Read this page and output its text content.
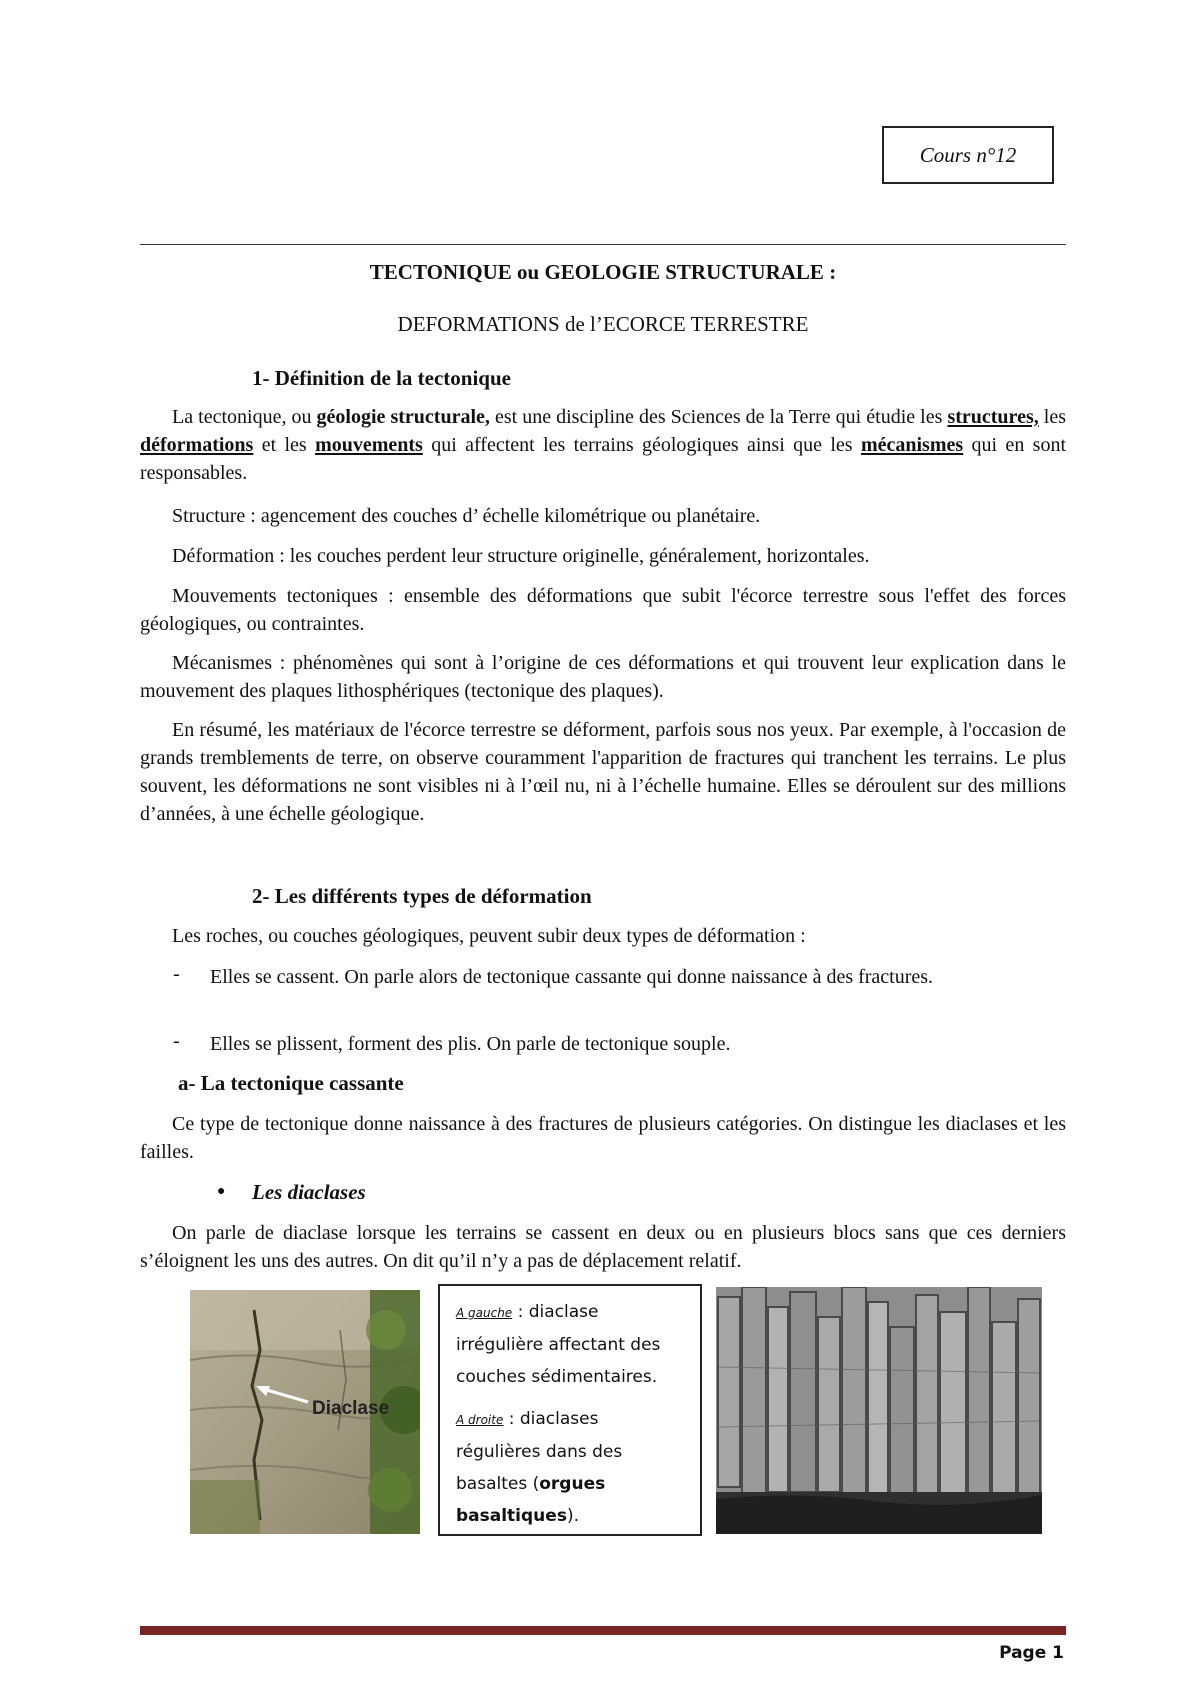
Cours n°12
TECTONIQUE ou GEOLOGIE STRUCTURALE :
DEFORMATIONS de l’ECORCE TERRESTRE
1- Définition de la tectonique
La tectonique, ou géologie structurale, est une discipline des Sciences de la Terre qui étudie les structures, les déformations et les mouvements qui affectent les terrains géologiques ainsi que les mécanismes qui en sont responsables.
Structure : agencement des couches d’ échelle kilométrique ou planétaire.
Déformation : les couches perdent leur structure originelle, généralement, horizontales.
Mouvements tectoniques : ensemble des déformations que subit l'écorce terrestre sous l'effet des forces géologiques, ou contraintes.
Mécanismes : phénomènes qui sont à l’origine de ces déformations et qui trouvent leur explication dans le mouvement des plaques lithosphériques (tectonique des plaques).
En résumé, les matériaux de l'écorce terrestre se déforment, parfois sous nos yeux. Par exemple, à l'occasion de grands tremblements de terre, on observe couramment l'apparition de fractures qui tranchent les terrains. Le plus souvent, les déformations ne sont visibles ni à l’œil nu, ni à l’échelle humaine. Elles se déroulent sur des millions d’années, à une échelle géologique.
2- Les différents types de déformation
Les roches, ou couches géologiques, peuvent subir deux types de déformation :
- Elles se cassent. On parle alors de tectonique cassante qui donne naissance à des fractures.
- Elles se plissent, forment des plis. On parle de tectonique souple.
a- La tectonique cassante
Ce type de tectonique donne naissance à des fractures de plusieurs catégories. On distingue les diaclases et les failles.
● Les diaclases
On parle de diaclase lorsque les terrains se cassent en deux ou en plusieurs blocs sans que ces derniers s’éloignent les uns des autres. On dit qu’il n’y a pas de déplacement relatif.
Diaclase
A gauche : diaclase irrégulière affectant des couches sédimentaires.
A droite : diaclases régulières dans des basaltes (orgues basaltiques).
Page 1
